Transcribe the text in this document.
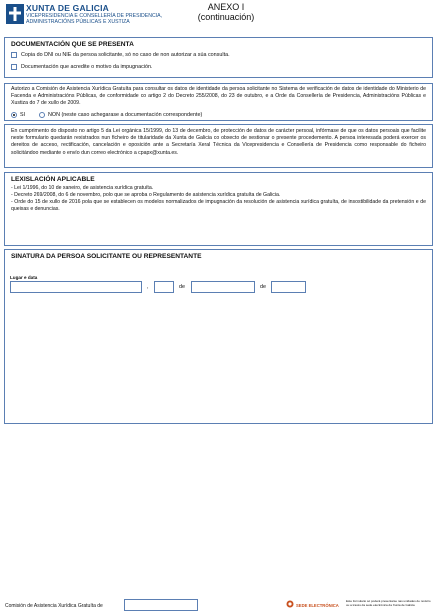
XUNTA DE GALICIA
VICEPRESIDENCIA E CONSELLERÍA DE PRESIDENCIA, ADMINISTRACIÓNS PÚBLICAS E XUSTIZA
ANEXO I
(continuación)
DOCUMENTACIÓN QUE SE PRESENTA
Copia do DNI ou NIE da persoa solicitante, só no caso de non autorizar a súa consulta.
Documentación que acredite o motivo da impugnación.
Autorizo a Comisión de Asistencia Xurídica Gratuíta para consultar os datos de identidade da persoa solicitante no Sistema de verificación de datos de identidade do Ministerio de Facenda e Administracións Públicas, de conformidade co artigo 2 do Decreto 255/2008, do 23 de outubro, e a Orde da Consellería de Presidencia, Administracións Públicas e Xustiza do 7 de xullo de 2009.
SI	NON (neste caso achegarase a documentación correspondente)
En cumprimento do disposto no artigo 5 da Lei orgánica 15/1999, do 13 de decembro, de protección de datos de carácter persoal, infórmase de que os datos persoais que facilite neste formulario quedarán rexistrados nun ficheiro de titularidade da Xunta de Galicia co obxecto de xestionar o presente procedemento. A persoa interesada poderá exercer os dereitos de acceso, rectificación, cancelación e oposición ante a Secretaría Xeral Técnica da Vicepresidencia e Consellería de Presidencia como responsable do ficheiro solicitándoo mediante o envío dun correo electrónico a cpapx@xunta.es.
LEXISLACIÓN APLICABLE
- Lei 1/1996, do 10 de xaneiro, de asistencia xurídica gratuíta.
- Decreto 269/2008, do 6 de novembro, polo que se aproba o Regulamento de asistencia xurídica gratuíta de Galicia.
- Orde do 15 de xullo de 2016 pola que se establecen os modelos normalizados de impugnación da resolución de asistencia xurídica gratuíta, de insostibilidade da pretensión e de queixas e denuncias.
SINATURA DA PERSOA SOLICITANTE OU REPRESENTANTE
Lugar e data
,	de	de
Comisión de Asistencia Xurídica Gratuíta de	SEDE ELECTRÓNICA
Este formulario só poderá presentarse nas unidades de rexistro
ou a través da sede electrónica da Xunta de Galicia
